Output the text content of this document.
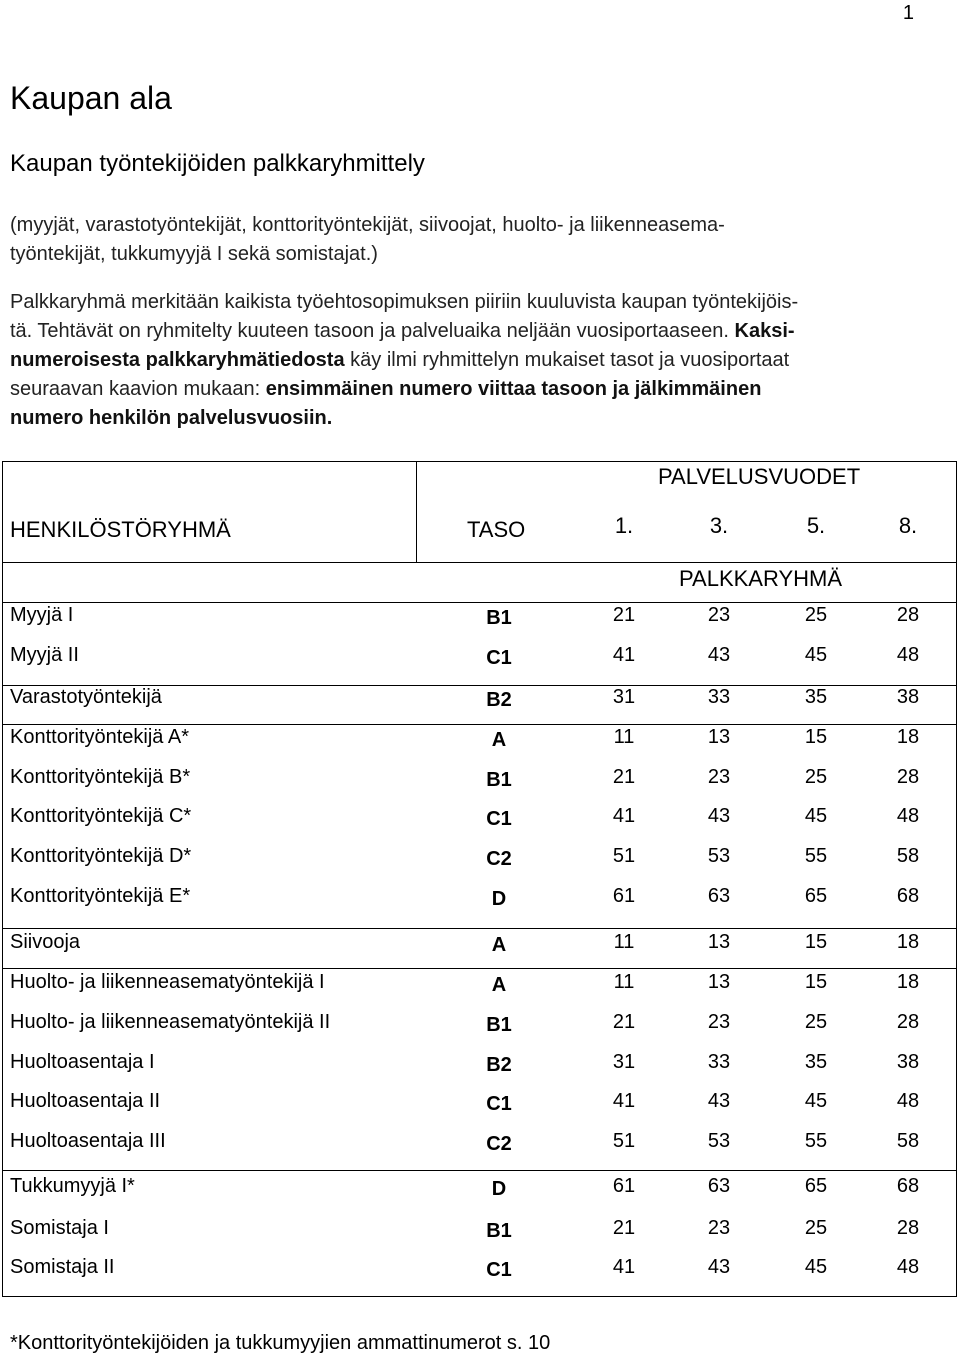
1
Kaupan ala
Kaupan työntekijöiden palkkaryhmittely

(myyjät, varastotyöntekijät, konttorityöntekijät, siivoojat, huolto- ja liikenneasema-
työntekijät, tukkumyyjä I sekä somistajat.)

Palkkaryhmä merkitään kaikista työehtosopimuksen piiriin kuuluvista kaupan työntekijöis-
tä. Tehtävät on ryhmitelty kuuteen tasoon ja palveluaika neljään vuosiportaaseen. Kaksi-
numeroisesta palkkaryhmätiedosta käy ilmi ryhmittelyn mukaiset tasot ja vuosiportaat
seuraavan kaavion mukaan: ensimmäinen numero viittaa tasoon ja jälkimmäinen
numero henkilön palvelusvuosiin.

PALVELUSVUODET
HENKILÖSTÖRYHMÄ	TASO	1.	3.	5.	8.
PALKKARYHMÄ
Myyjä I	B1	21	23	25	28
Myyjä II	C1	41	43	45	48
Varastotyöntekijä	B2	31	33	35	38
Konttorityöntekijä A*	A	11	13	15	18
Konttorityöntekijä B*	B1	21	23	25	28
Konttorityöntekijä C*	C1	41	43	45	48
Konttorityöntekijä D*	C2	51	53	55	58
Konttorityöntekijä E*	D	61	63	65	68
Siivooja	A	11	13	15	18
Huolto- ja liikenneasematyöntekijä I	A	11	13	15	18
Huolto- ja liikenneasematyöntekijä II	B1	21	23	25	28
Huoltoasentaja I	B2	31	33	35	38
Huoltoasentaja II	C1	41	43	45	48
Huoltoasentaja III	C2	51	53	55	58
Tukkumyyjä I*	D	61	63	65	68
Somistaja I	B1	21	23	25	28
Somistaja II	C1	41	43	45	48

*Konttorityöntekijöiden ja tukkumyyjien ammattinumerot s. 10
